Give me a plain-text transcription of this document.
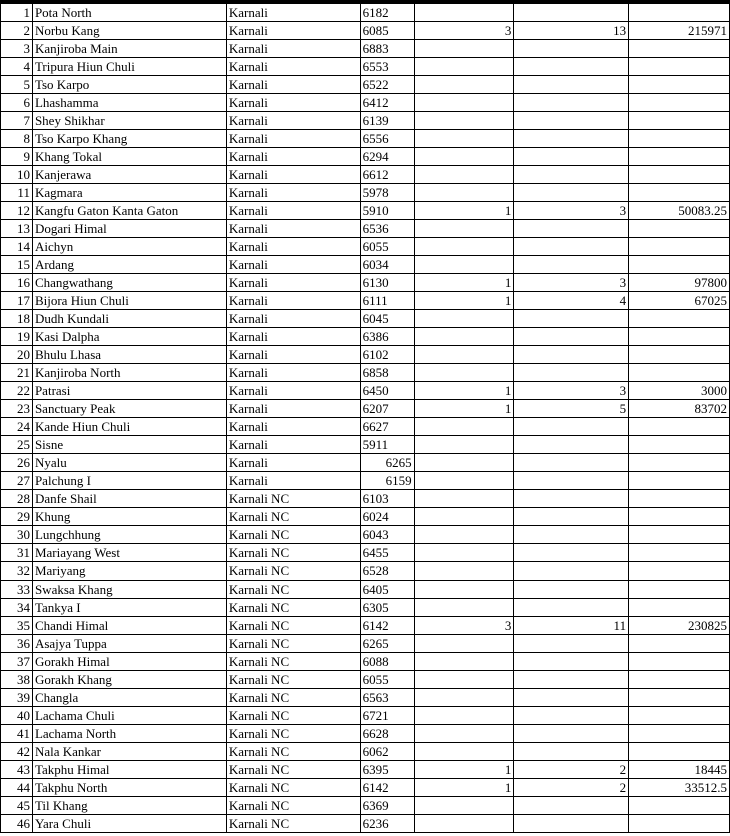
1	Pota North	Karnali	6182			
2	Norbu Kang	Karnali	6085	3	13	215971
3	Kanjiroba Main	Karnali	6883			
4	Tripura Hiun Chuli	Karnali	6553			
5	Tso Karpo	Karnali	6522			
6	Lhashamma	Karnali	6412			
7	Shey Shikhar	Karnali	6139			
8	Tso Karpo Khang	Karnali	6556			
9	Khang Tokal	Karnali	6294			
10	Kanjerawa	Karnali	6612			
11	Kagmara	Karnali	5978			
12	Kangfu Gaton Kanta Gaton	Karnali	5910	1	3	50083.25
13	Dogari Himal	Karnali	6536			
14	Aichyn	Karnali	6055			
15	Ardang	Karnali	6034			
16	Changwathang	Karnali	6130	1	3	97800
17	Bijora Hiun Chuli	Karnali	6111	1	4	67025
18	Dudh Kundali	Karnali	6045			
19	Kasi Dalpha	Karnali	6386			
20	Bhulu Lhasa	Karnali	6102			
21	Kanjiroba North	Karnali	6858			
22	Patrasi	Karnali	6450	1	3	3000
23	Sanctuary Peak	Karnali	6207	1	5	83702
24	Kande Hiun Chuli	Karnali	6627			
25	Sisne	Karnali	5911			
26	Nyalu	Karnali	6265			
27	Palchung I	Karnali	6159			
28	Danfe Shail	Karnali NC	6103			
29	Khung	Karnali NC	6024			
30	Lungchhung	Karnali NC	6043			
31	Mariayang West	Karnali NC	6455			
32	Mariyang	Karnali NC	6528			
33	Swaksa Khang	Karnali NC	6405			
34	Tankya I	Karnali NC	6305			
35	Chandi Himal	Karnali NC	6142	3	11	230825
36	Asajya Tuppa	Karnali NC	6265			
37	Gorakh Himal	Karnali NC	6088			
38	Gorakh Khang	Karnali NC	6055			
39	Changla	Karnali NC	6563			
40	Lachama Chuli	Karnali NC	6721			
41	Lachama North	Karnali NC	6628			
42	Nala Kankar	Karnali NC	6062			
43	Takphu Himal	Karnali NC	6395	1	2	18445
44	Takphu North	Karnali NC	6142	1	2	33512.5
45	Til Khang	Karnali NC	6369			
46	Yara Chuli	Karnali NC	6236			
